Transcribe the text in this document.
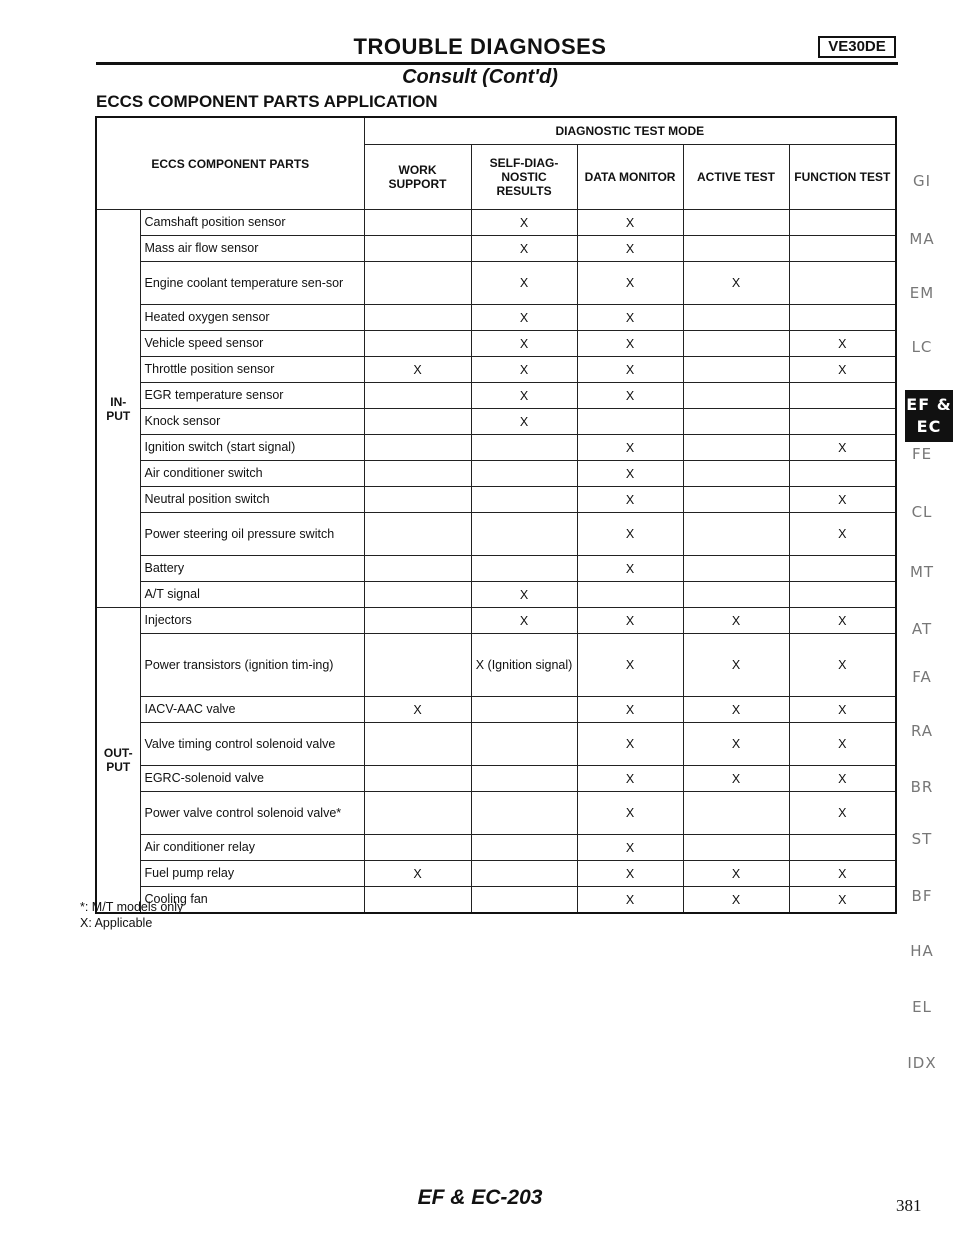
TROUBLE DIAGNOSES	VE30DE
Consult (Cont'd)
ECCS COMPONENT PARTS APPLICATION
ECCS COMPONENT PARTS		DIAGNOSTIC TEST MODE				
		WORK SUPPORT	SELF-DIAG-NOSTIC RESULTS	DATA MONITOR	ACTIVE TEST	FUNCTION TEST
IN-PUT	Camshaft position sensor		X	X		
	Mass air flow sensor		X	X		
	Engine coolant temperature sen-sor		X	X	X	
	Heated oxygen sensor		X	X		
	Vehicle speed sensor		X	X		X
	Throttle position sensor	X	X	X		X
	EGR temperature sensor		X	X		
	Knock sensor		X			
	Ignition switch (start signal)			X		X
	Air conditioner switch			X		
	Neutral position switch			X		X
	Power steering oil pressure switch			X		X
	Battery			X		
	A/T signal		X			
OUT-PUT	Injectors		X	X	X	X
	Power transistors (ignition tim-ing)		X (Ignition signal)	X	X	X
	IACV-AAC valve	X		X	X	X
	Valve timing control solenoid valve			X	X	X
	EGRC-solenoid valve			X	X	X
	Power valve control solenoid valve*			X		X
	Air conditioner relay			X		
	Fuel pump relay	X		X	X	X
	Cooling fan			X	X	X
*: M/T models only
X: Applicable
GI
MA
EM
LC
EF & EC
FE
CL
MT
AT
FA
RA
BR
ST
BF
HA
EL
IDX
EF & EC-203	381
